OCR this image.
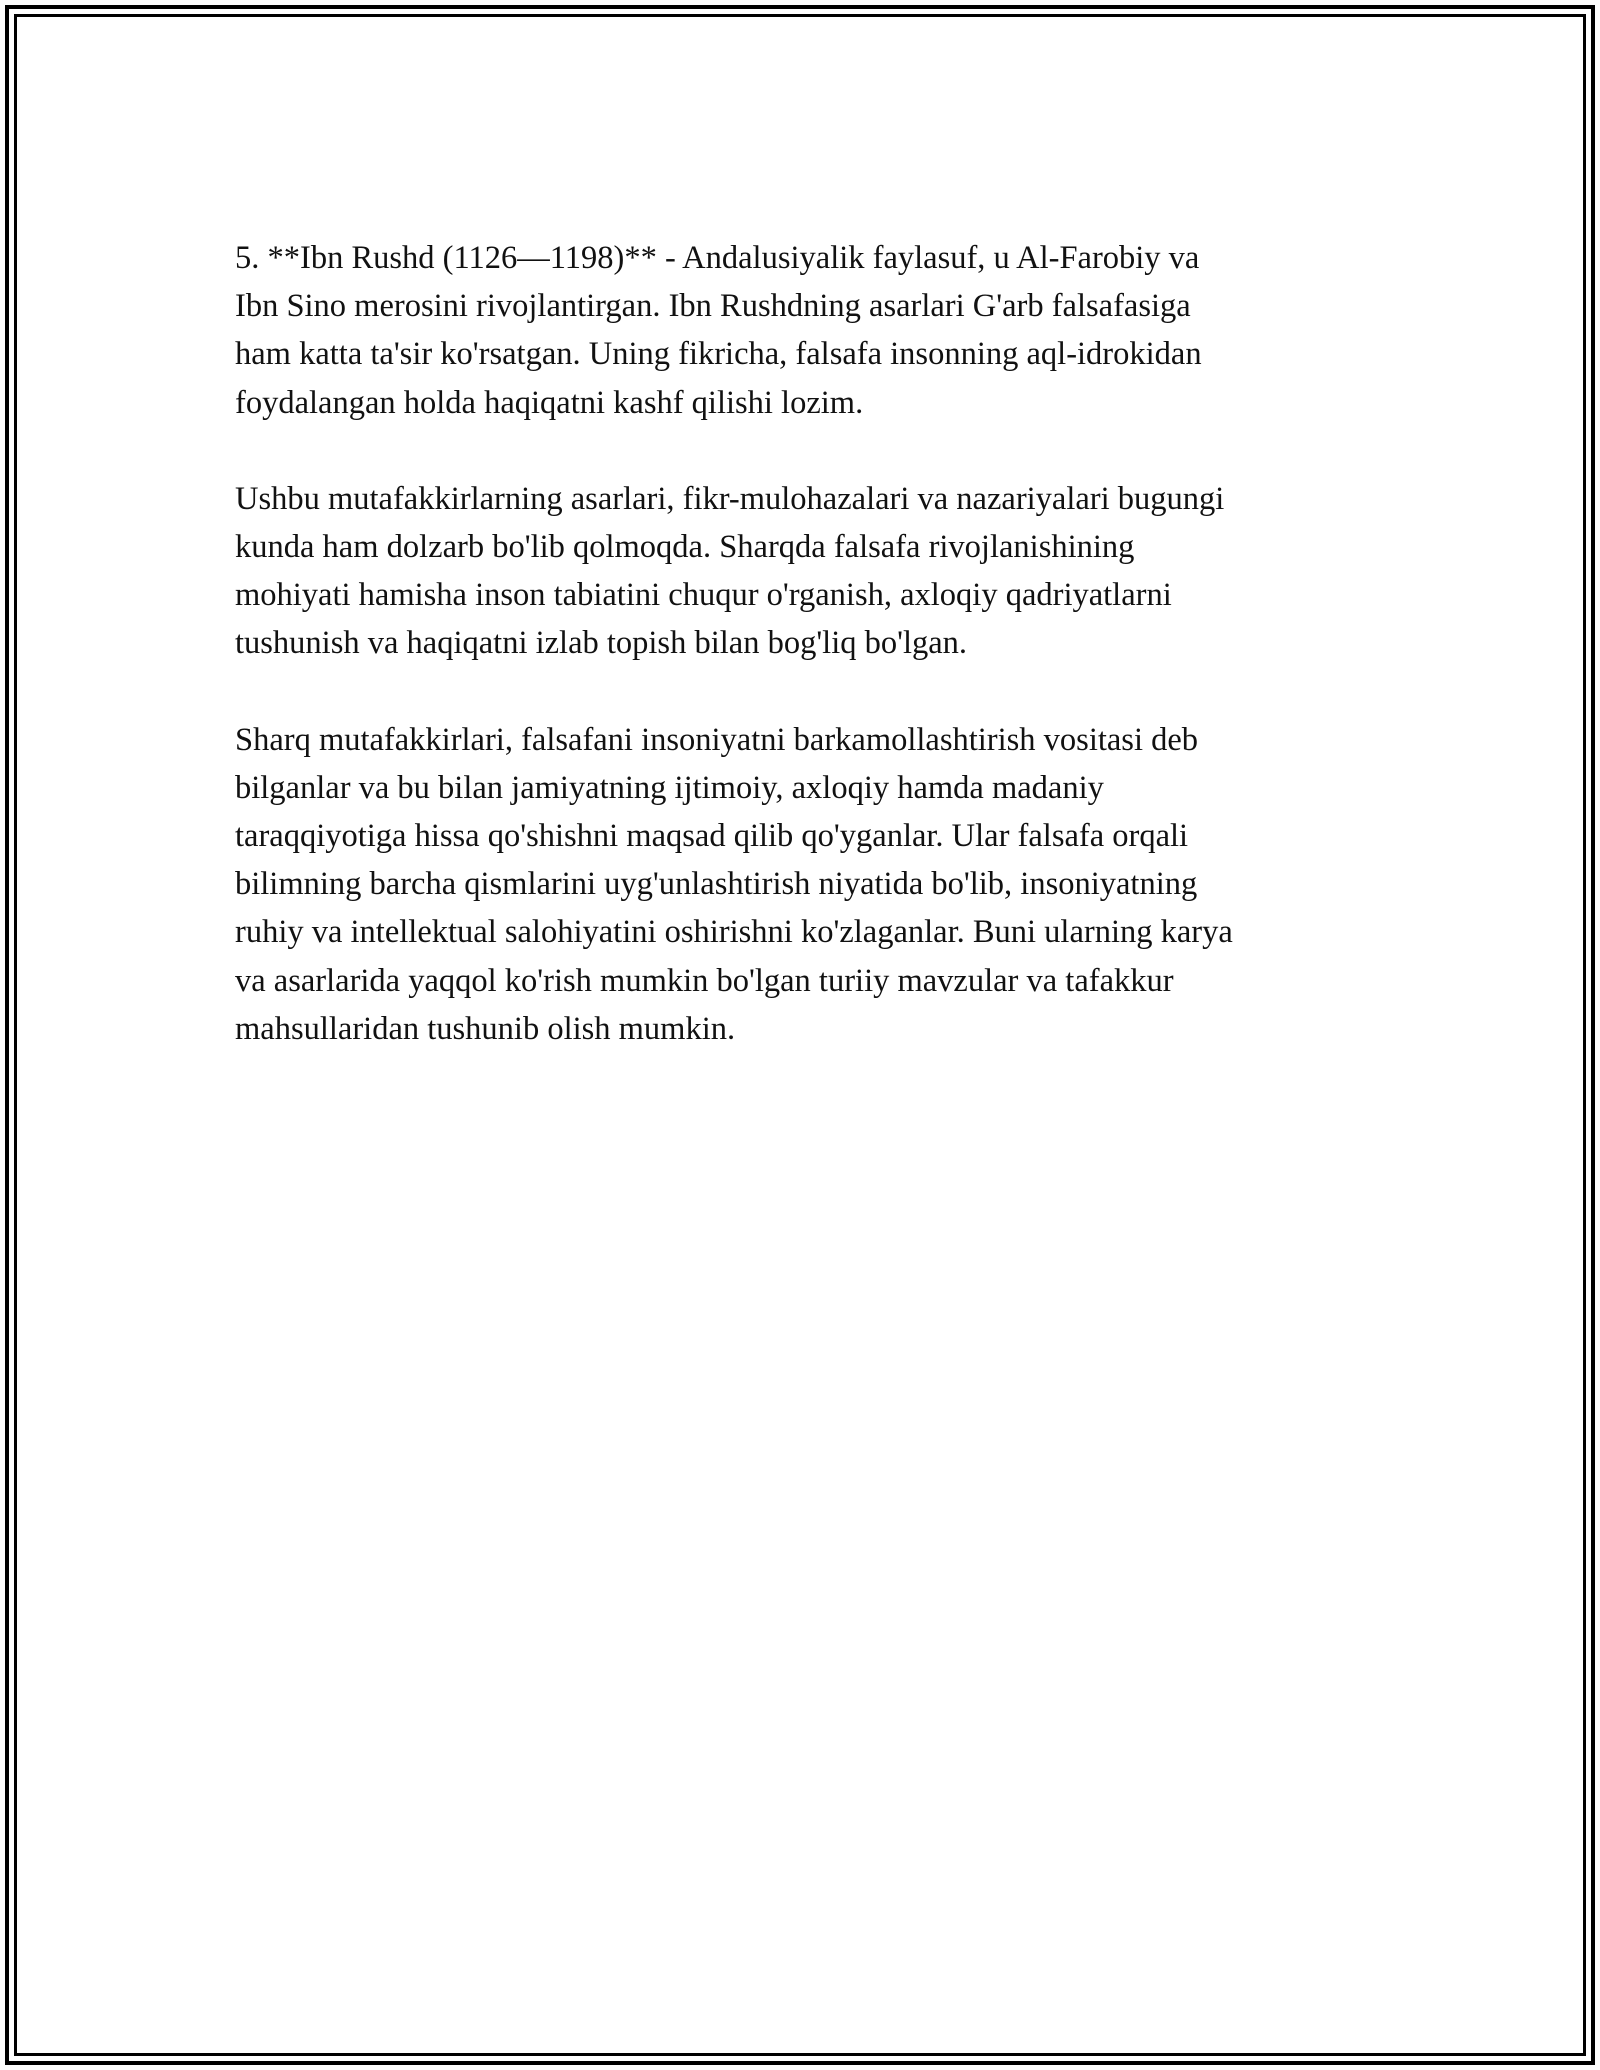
5. **Ibn Rushd (1126—1198)** - Andalusiyalik faylasuf, u Al-Farobiy va
Ibn Sino merosini rivojlantirgan. Ibn Rushdning asarlari G'arb falsafasiga
ham katta ta'sir ko'rsatgan. Uning fikricha, falsafa insonning aql-idrokidan
foydalangan holda haqiqatni kashf qilishi lozim.

Ushbu mutafakkirlarning asarlari, fikr-mulohazalari va nazariyalari bugungi
kunda ham dolzarb bo'lib qolmoqda. Sharqda falsafa rivojlanishining
mohiyati hamisha inson tabiatini chuqur o'rganish, axloqiy qadriyatlarni
tushunish va haqiqatni izlab topish bilan bog'liq bo'lgan.

Sharq mutafakkirlari, falsafani insoniyatni barkamollashtirish vositasi deb
bilganlar va bu bilan jamiyatning ijtimoiy, axloqiy hamda madaniy
taraqqiyotiga hissa qo'shishni maqsad qilib qo'yganlar. Ular falsafa orqali
bilimning barcha qismlarini uyg'unlashtirish niyatida bo'lib, insoniyatning
ruhiy va intellektual salohiyatini oshirishni ko'zlaganlar. Buni ularning karya
va asarlarida yaqqol ko'rish mumkin bo'lgan turiiy mavzular va tafakkur
mahsullaridan tushunib olish mumkin.
